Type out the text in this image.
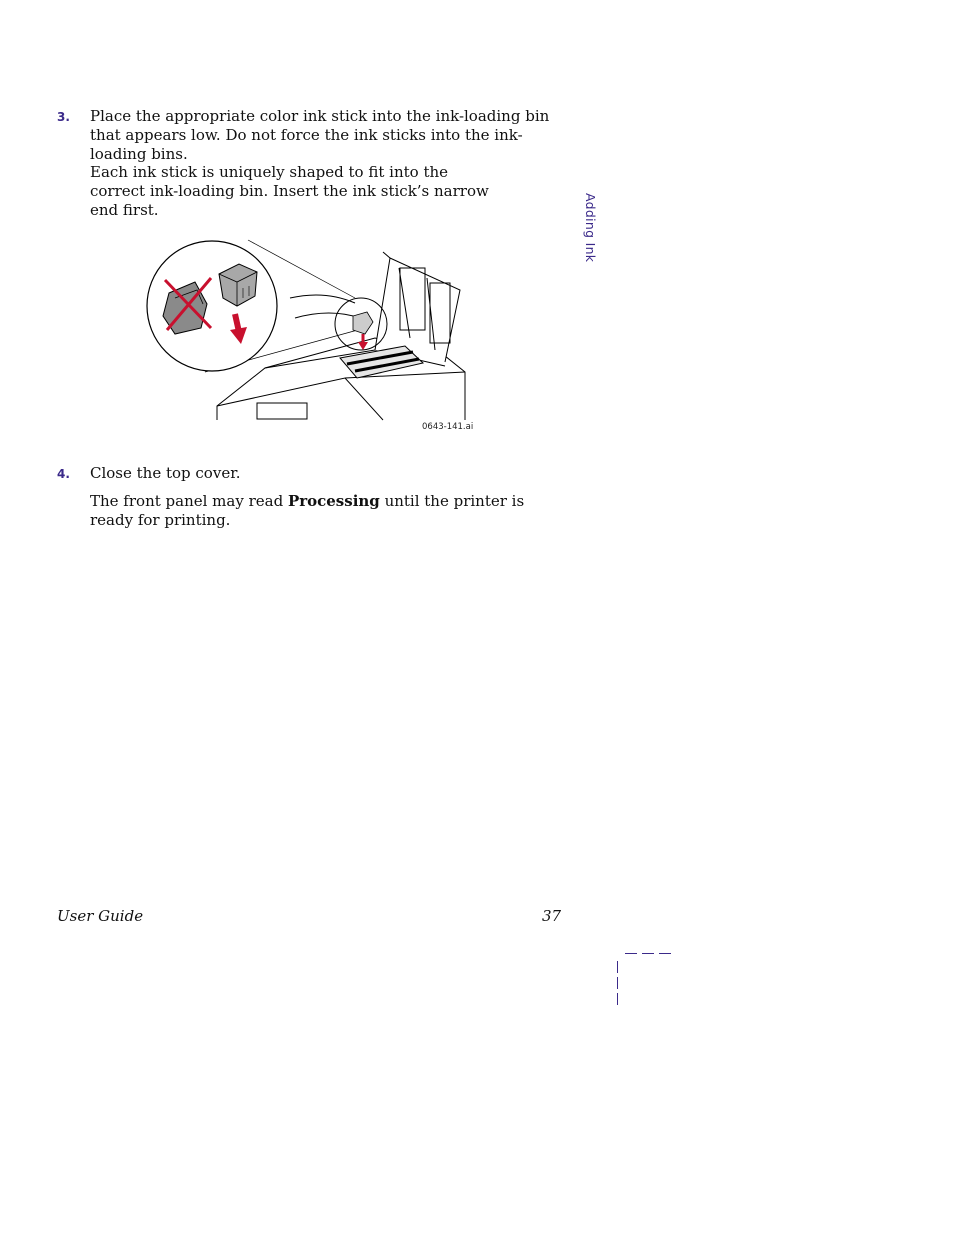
3. Place the appropriate color ink stick into the ink-loading bin that appears low. Do not force the ink sticks into the ink-loading bins.
Each ink stick is uniquely shaped to fit into the correct ink-loading bin. Insert the ink stick’s narrow end first.	Adding Ink
0643-141.ai
4. Close the top cover.
The front panel may read Processing until the printer is ready for printing.
User Guide	37
